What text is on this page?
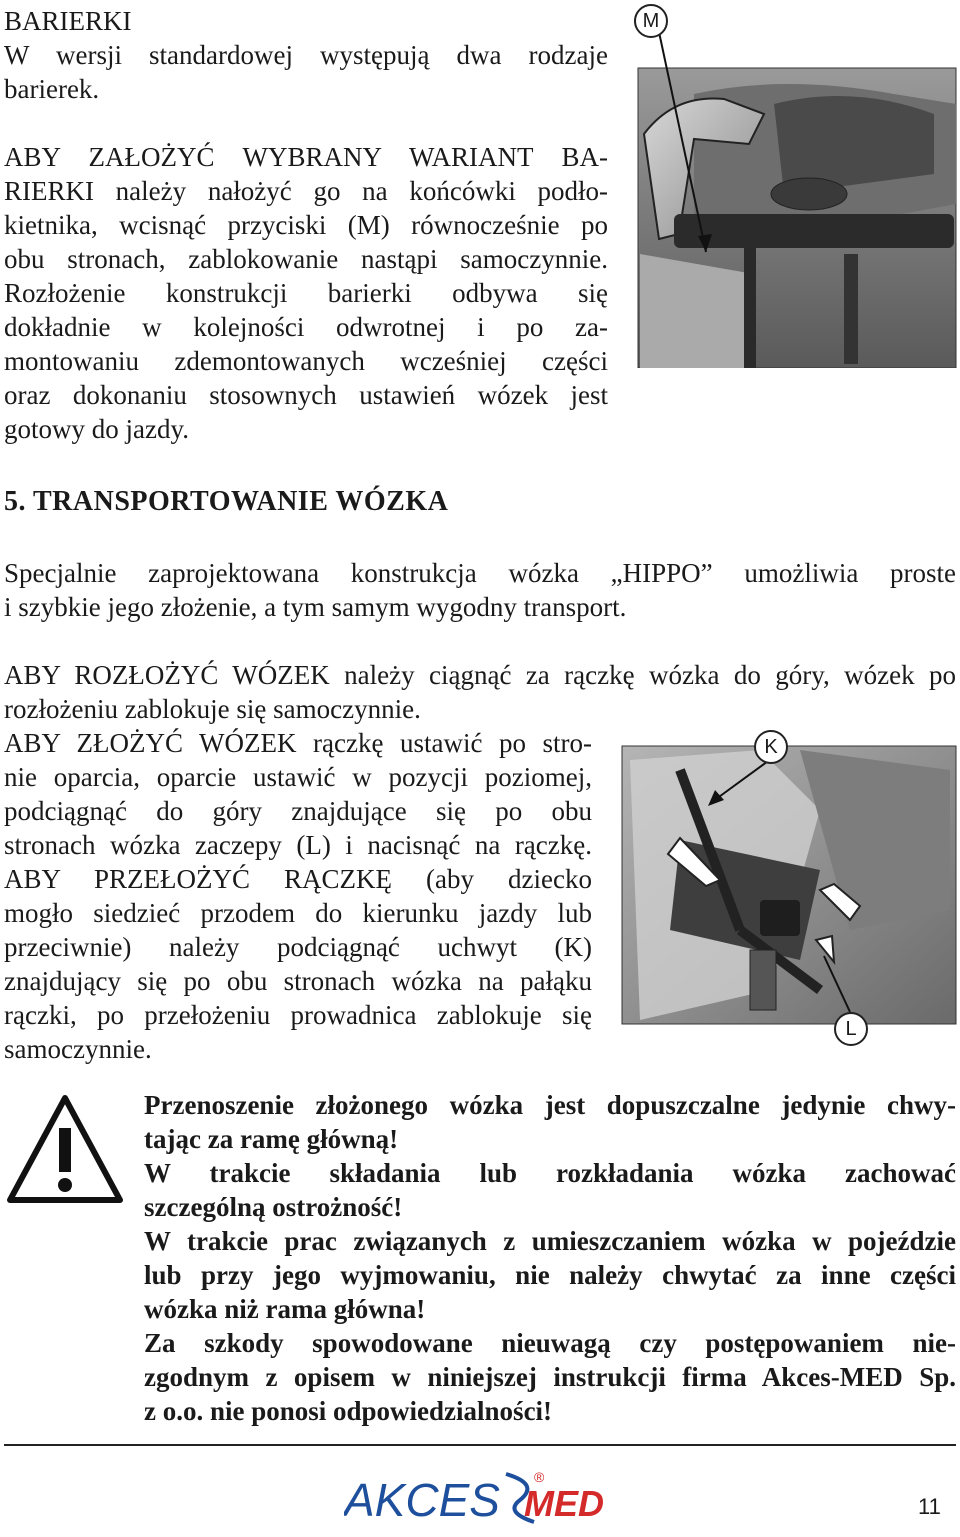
BARIERKI
W wersji standardowej występują dwa rodzaje
barierek.
ABY ZAŁOŻYĆ WYBRANY WARIANT BA-
RIERKI należy nałożyć go na końcówki podło-
kietnika, wcisnąć przyciski (M) równocześnie po
obu stronach, zablokowanie nastąpi samoczynnie.
Rozłożenie konstrukcji barierki odbywa się
dokładnie w kolejności odwrotnej i po za-
montowaniu zdemontowanych wcześniej części
oraz dokonaniu stosownych ustawień wózek jest
gotowy do jazdy.
M
5. TRANSPORTOWANIE WÓZKA
Specjalnie zaprojektowana konstrukcja wózka „HIPPO” umożliwia proste
i szybkie jego złożenie, a tym samym wygodny transport.
ABY ROZŁOŻYĆ WÓZEK należy ciągnąć za rączkę wózka do góry, wózek po
rozłożeniu zablokuje się samoczynnie.
ABY ZŁOŻYĆ WÓZEK rączkę ustawić po stro-
nie oparcia, oparcie ustawić w pozycji poziomej,
podciągnąć do góry znajdujące się po obu
stronach wózka zaczepy (L) i nacisnąć na rączkę.
ABY PRZEŁOŻYĆ RĄCZKĘ (aby dziecko
mogło siedzieć przodem do kierunku jazdy lub
przeciwnie) należy podciągnąć uchwyt (K)
znajdujący się po obu stronach wózka na pałąku
rączki, po przełożeniu prowadnica zablokuje się
samoczynnie.
K
L
Przenoszenie złożonego wózka jest dopuszczalne jedynie chwy-
tając za ramę główną!
W trakcie składania lub rozkładania wózka zachować
szczególną ostrożność!
W trakcie prac związanych z umieszczaniem wózka w pojeździe
lub przy jego wyjmowaniu, nie należy chwytać za inne części
wózka niż rama główna!
Za szkody spowodowane nieuwagą czy postępowaniem nie-
zgodnym z opisem w niniejszej instrukcji firma Akces-MED Sp.
z o.o. nie ponosi odpowiedzialności!
AKCES MED
®
11
